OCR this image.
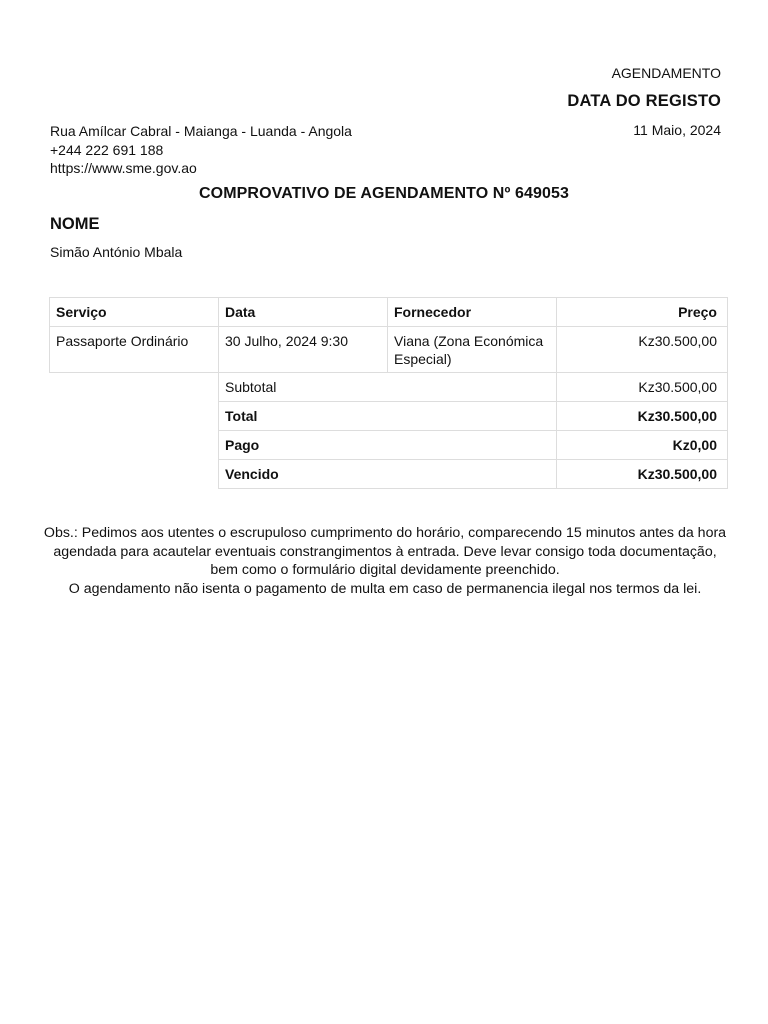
AGENDAMENTO
DATA DO REGISTO
11 Maio, 2024
Rua Amílcar Cabral - Maianga - Luanda - Angola
+244 222 691 188
https://www.sme.gov.ao
COMPROVATIVO DE AGENDAMENTO Nº 649053
NOME
Simão António Mbala
Serviço	Data	Fornecedor	Preço
Passaporte Ordinário	30 Julho, 2024 9:30	Viana (Zona Económica Especial)	Kz30.500,00
	Subtotal		Kz30.500,00
	Total		Kz30.500,00
	Pago		Kz0,00
	Vencido		Kz30.500,00

Obs.: Pedimos aos utentes o escrupuloso cumprimento do horário, comparecendo 15 minutos antes da hora agendada para acautelar eventuais constrangimentos à entrada. Deve levar consigo toda documentação, bem como o formulário digital devidamente preenchido.

O agendamento não isenta o pagamento de multa em caso de permanencia ilegal nos termos da lei.
